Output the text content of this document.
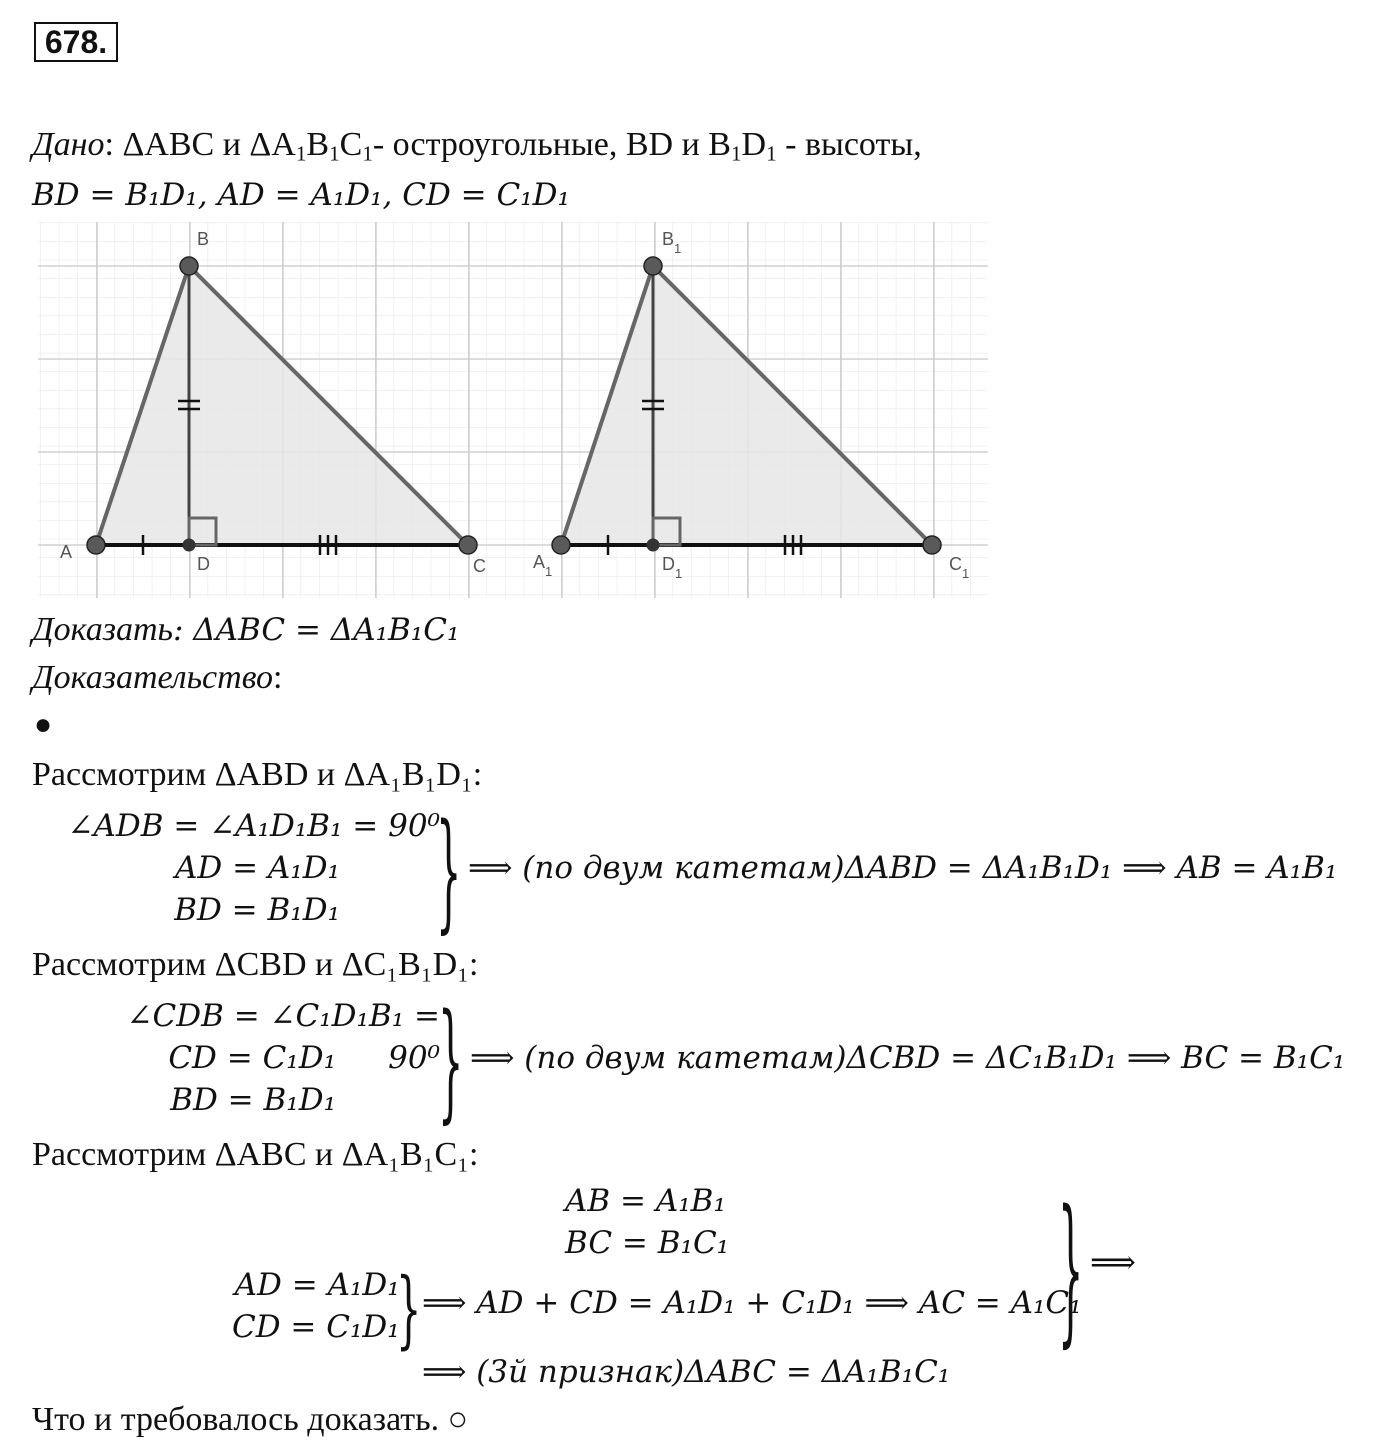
678.
Дано: ΔABC и $\Delta A_1B_1C_1-$ остроугольные, BD и $B_1D_1$ - высоты,
BD = B₁D₁, AD = A₁D₁, CD = C₁D₁
A
B
C
D	$A_1$
$B_1$
$C_1$
$D_1$
Доказать: ΔABC = ΔA₁B₁C₁
Доказательство:
●
Рассмотрим ΔABD и ΔA₁B₁D₁:
∠ADB = ∠A₁D₁B₁ = 90⁰
AD = A₁D₁
BD = B₁D₁	} ⟹ (по двум катетам)ΔABD = ΔA₁B₁D₁ ⟹ AB = A₁B₁
Рассмотрим ΔCBD и ΔC₁B₁D₁:
∠CDB = ∠C₁D₁B₁ = 90⁰
CD = C₁D₁
BD = B₁D₁	} ⟹ (по двум катетам)ΔCBD = ΔC₁B₁D₁ ⟹ BC = B₁C₁
Рассмотрим ΔABC и ΔA₁B₁C₁:
AB = A₁B₁
BC = B₁C₁
AD = A₁D₁
CD = C₁D₁
} ⟹ AD + CD = A₁D₁ + C₁D₁ ⟹ AC = A₁C₁
} ⟹
⟹ (3й признак)ΔABC = ΔA₁B₁C₁
Что и требовалось доказать. ○
